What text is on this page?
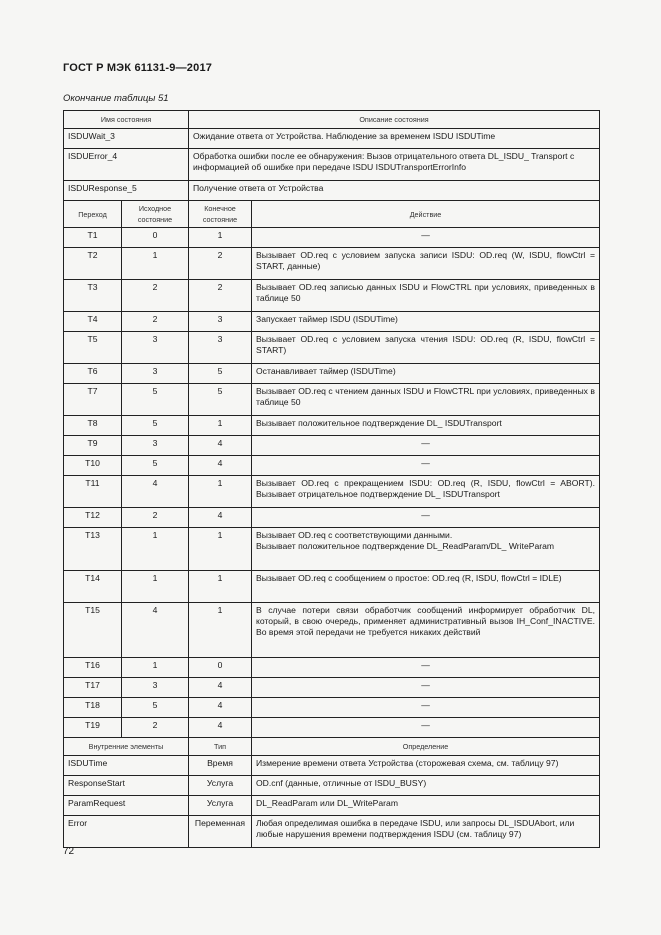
ГОСТ Р МЭК 61131-9—2017
Окончание таблицы 51
Имя состояния		Описание состояния	
ISDUWait_3		Ожидание ответа от Устройства. Наблюдение за временем ISDU ISDUTime	
ISDUError_4		Обработка ошибки после ее обнаружения: Вызов отрицательного ответа DL_ISDU_ Transport с информацией об ошибке при передаче ISDU ISDUTransportErrorInfo	
ISDUResponse_5		Получение ответа от Устройства	
Переход	Исходное состояние	Конечное состояние	Действие
T1	0	1	—
T2	1	2	Вызывает OD.req с условием запуска записи ISDU: OD.req (W, ISDU, flowCtrl = START, данные)
T3	2	2	Вызывает OD.req записью данных ISDU и FlowCTRL при условиях, приведенных в таблице 50
T4	2	3	Запускает таймер ISDU (ISDUTime)
T5	3	3	Вызывает OD.req с условием запуска чтения ISDU: OD.req (R, ISDU, flowCtrl = START)
T6	3	5	Останавливает таймер (ISDUTime)
T7	5	5	Вызывает OD.req с чтением данных ISDU и FlowCTRL при условиях, приведенных в таблице 50
T8	5	1	Вызывает положительное подтверждение DL_ ISDUTransport
T9	3	4	—
T10	5	4	—
T11	4	1	Вызывает OD.req с прекращением ISDU: OD.req (R, ISDU, flowCtrl = ABORT). Вызывает отрицательное подтверждение DL_ ISDUTransport
T12	2	4	—
T13	1	1	Вызывает OD.req с соответствующими данными.
Вызывает положительное подтверждение DL_ReadParam/DL_ WriteParam
T14	1	1	Вызывает OD.req с сообщением о простое: OD.req (R, ISDU, flowCtrl = IDLE)
T15	4	1	В случае потери связи обработчик сообщений информирует обработчик DL, который, в свою очередь, применяет административный вызов IH_Conf_INACTIVE. Во время этой передачи не требуется никаких действий
T16	1	0	—
T17	3	4	—
T18	5	4	—
T19	2	4	—
Внутренние элементы		Тип	Определение
ISDUTime		Время	Измерение времени ответа Устройства (сторожевая схема, см. таблицу 97)
ResponseStart		Услуга	OD.cnf (данные, отличные от ISDU_BUSY)
ParamRequest		Услуга	DL_ReadParam или DL_WriteParam
Error		Переменная	Любая определимая ошибка в передаче ISDU, или запросы DL_ISDUAbort, или любые нарушения времени подтверждения ISDU (см. таблицу 97)
72
